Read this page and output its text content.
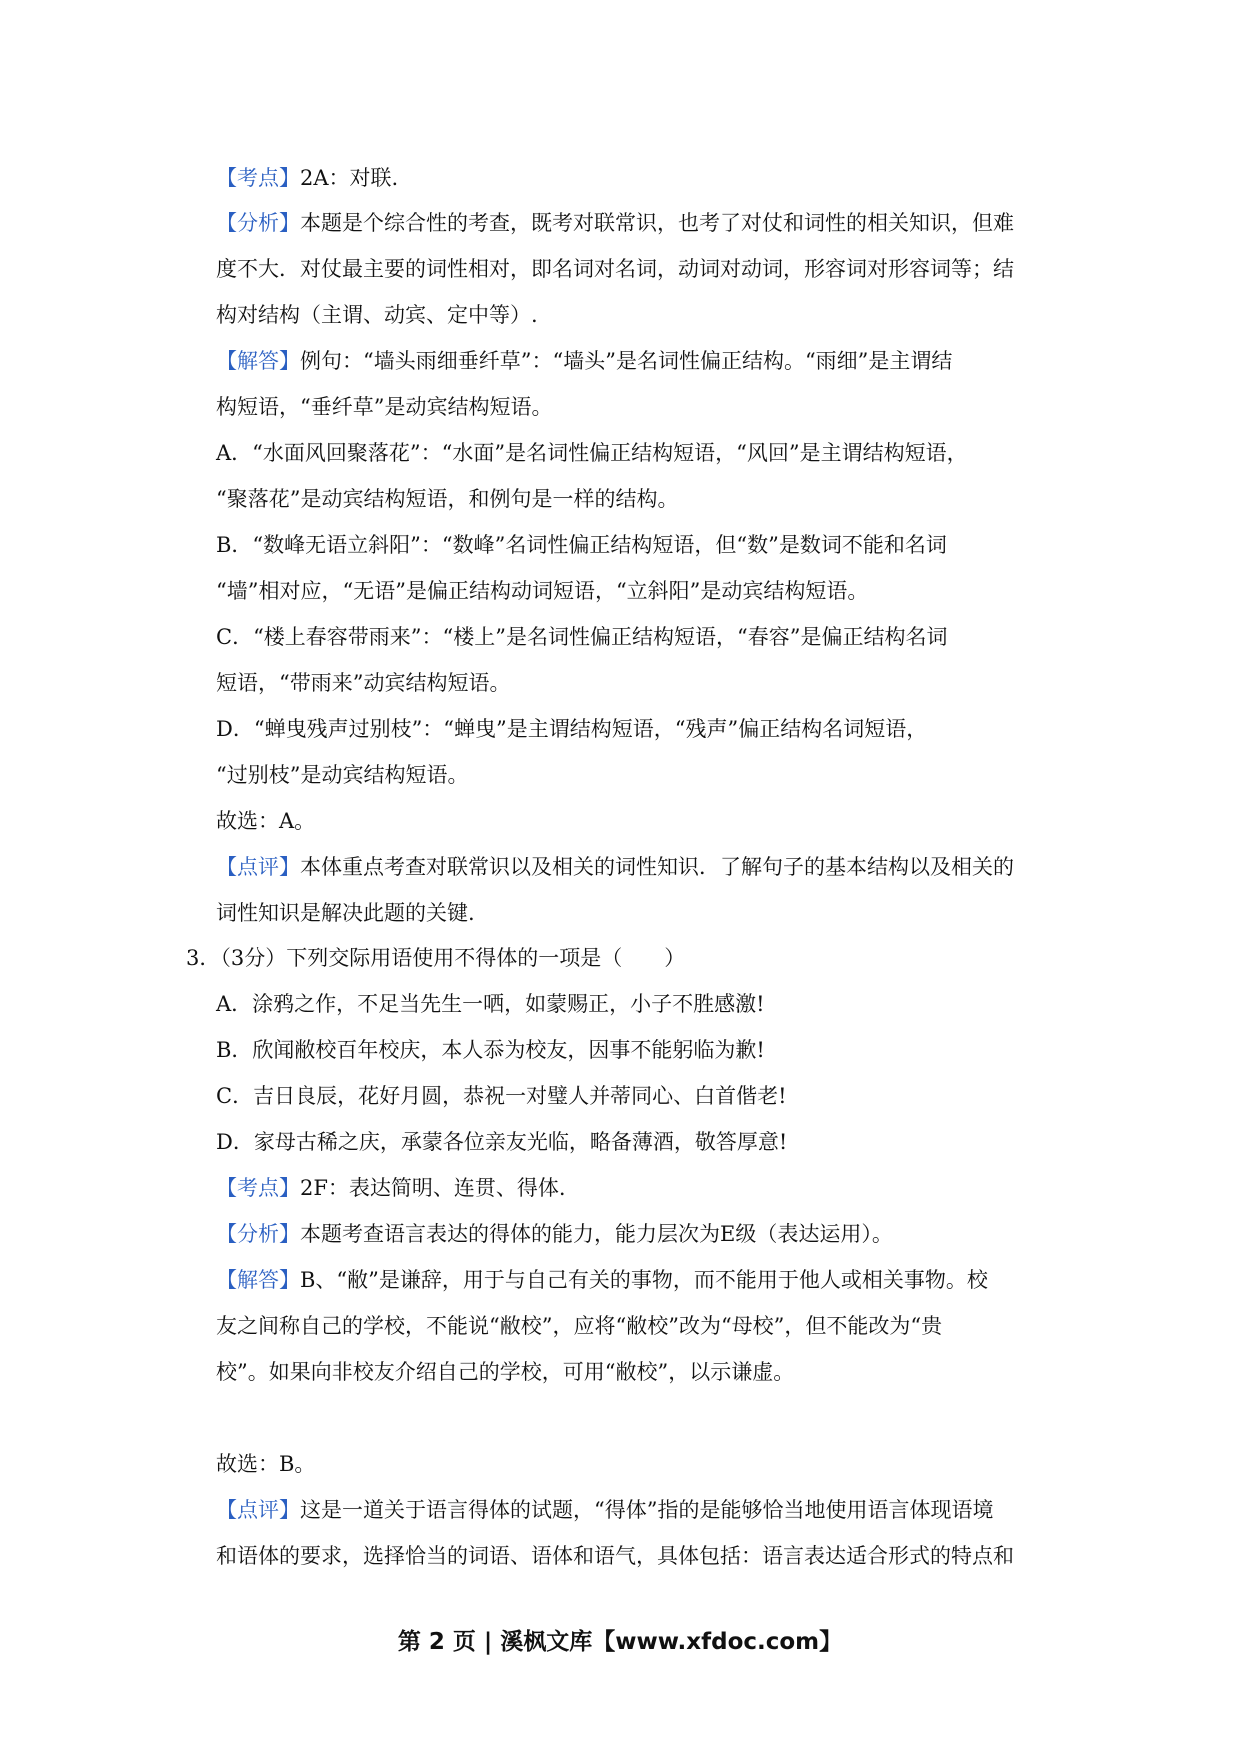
【考点】2A：对联.
【分析】本题是个综合性的考查，既考对联常识，也考了对仗和词性的相关知识，但难
度不大．对仗最主要的词性相对，即名词对名词，动词对动词，形容词对形容词等；结
构对结构（主谓、动宾、定中等）.
【解答】例句：“墙头雨细垂纤草”：“墙头”是名词性偏正结构。“雨细”是主谓结
构短语，“垂纤草”是动宾结构短语。
A．“水面风回聚落花”：“水面”是名词性偏正结构短语，“风回”是主谓结构短语，
“聚落花”是动宾结构短语，和例句是一样的结构。
B．“数峰无语立斜阳”：“数峰”名词性偏正结构短语，但“数”是数词不能和名词
“墙”相对应，“无语”是偏正结构动词短语，“立斜阳”是动宾结构短语。
C．“楼上春容带雨来”：“楼上”是名词性偏正结构短语，“春容”是偏正结构名词
短语，“带雨来”动宾结构短语。
D．“蝉曳残声过别枝”：“蝉曳”是主谓结构短语，“残声”偏正结构名词短语，
“过别枝”是动宾结构短语。
故选：A。
【点评】本体重点考查对联常识以及相关的词性知识．了解句子的基本结构以及相关的
词性知识是解决此题的关键.
3．（3分）下列交际用语使用不得体的一项是（　　）
A．涂鸦之作，不足当先生一哂，如蒙赐正，小子不胜感激!
B．欣闻敝校百年校庆，本人忝为校友，因事不能躬临为歉!
C．吉日良辰，花好月圆，恭祝一对璧人并蒂同心、白首偕老!
D．家母古稀之庆，承蒙各位亲友光临，略备薄酒，敬答厚意!
【考点】2F：表达简明、连贯、得体.
【分析】本题考查语言表达的得体的能力，能力层次为E级（表达运用）。
【解答】B、“敝”是谦辞，用于与自己有关的事物，而不能用于他人或相关事物。校
友之间称自己的学校，不能说“敝校”，应将“敝校”改为“母校”，但不能改为“贵
校”。如果向非校友介绍自己的学校，可用“敝校”，以示谦虚。
故选：B。
【点评】这是一道关于语言得体的试题，“得体”指的是能够恰当地使用语言体现语境
和语体的要求，选择恰当的词语、语体和语气，具体包括：语言表达适合形式的特点和
第 2 页 | 溪枫文库【www.xfdoc.com】
